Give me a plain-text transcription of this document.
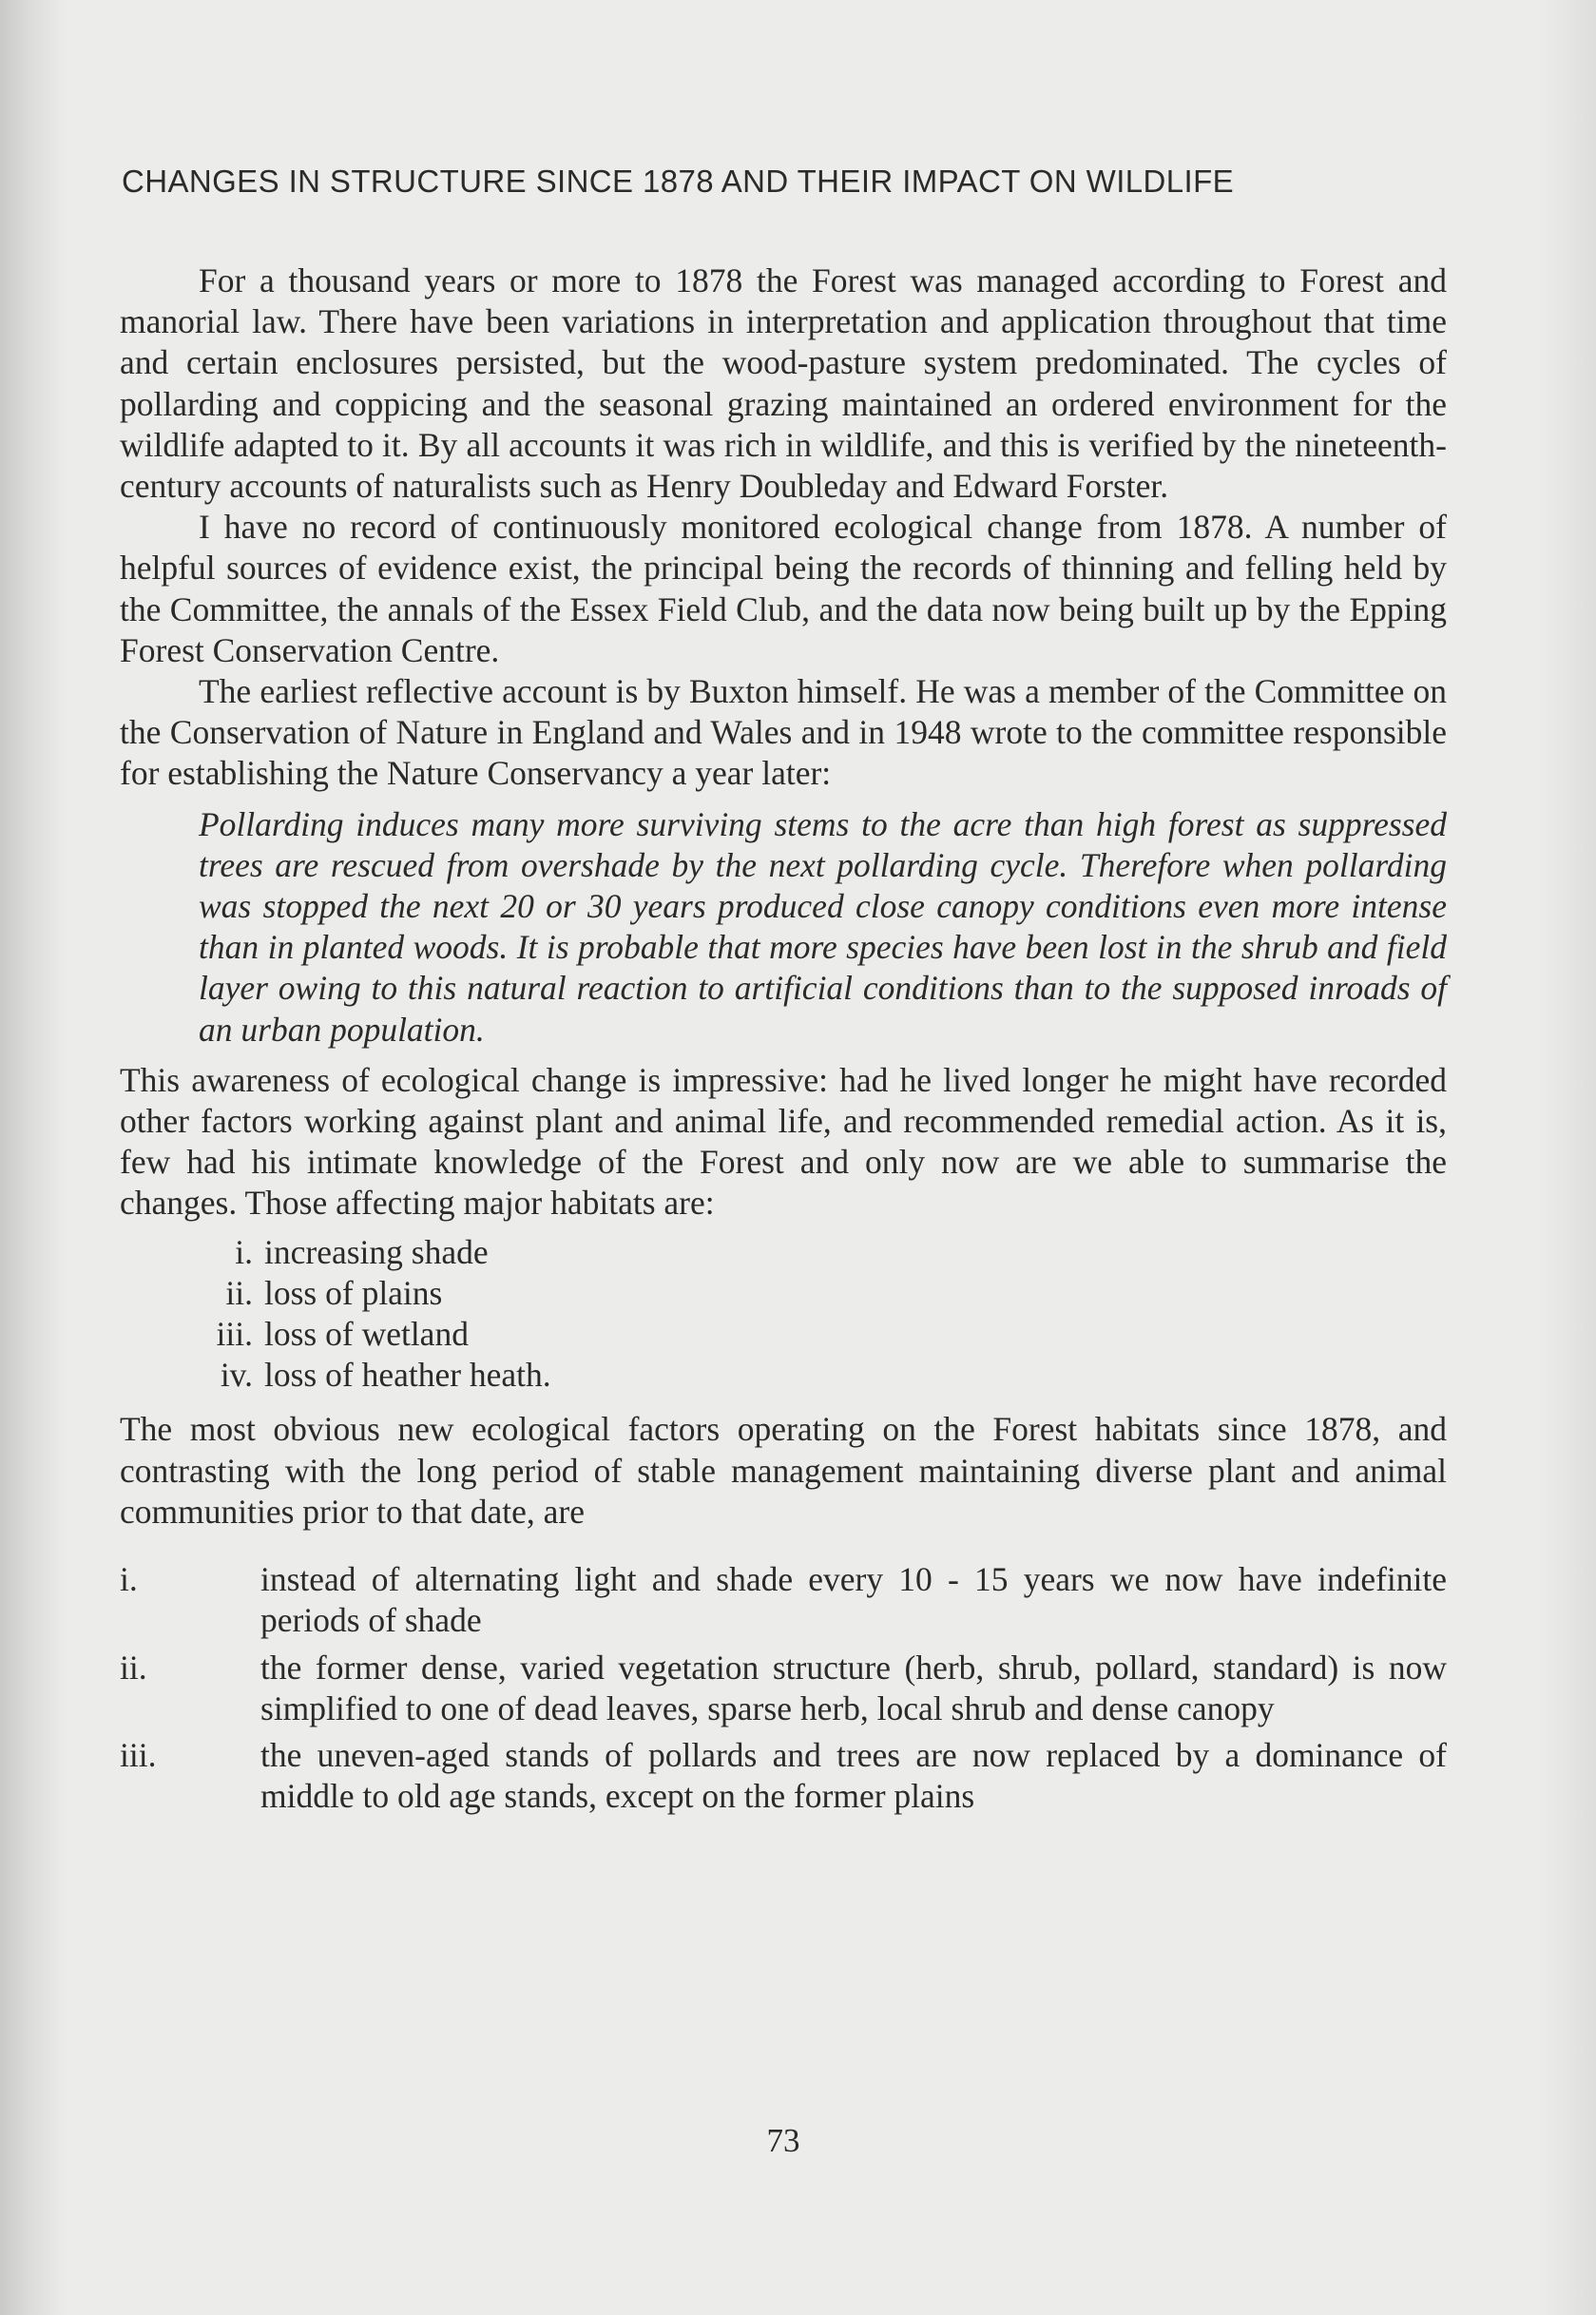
CHANGES IN STRUCTURE SINCE 1878 AND THEIR IMPACT ON WILDLIFE

For a thousand years or more to 1878 the Forest was managed according to Forest and manorial law. There have been variations in interpretation and application throughout that time and certain enclosures persisted, but the wood-pasture system predominated. The cycles of pollarding and coppicing and the seasonal grazing maintained an ordered environment for the wildlife adapted to it. By all accounts it was rich in wildlife, and this is verified by the nineteenth-century accounts of naturalists such as Henry Doubleday and Edward Forster.

I have no record of continuously monitored ecological change from 1878. A number of helpful sources of evidence exist, the principal being the records of thinning and felling held by the Committee, the annals of the Essex Field Club, and the data now being built up by the Epping Forest Conservation Centre.

The earliest reflective account is by Buxton himself. He was a member of the Committee on the Conservation of Nature in England and Wales and in 1948 wrote to the committee responsible for establishing the Nature Conservancy a year later:

Pollarding induces many more surviving stems to the acre than high forest as suppressed trees are rescued from overshade by the next pollarding cycle. Therefore when pollarding was stopped the next 20 or 30 years produced close canopy conditions even more intense than in planted woods. It is probable that more species have been lost in the shrub and field layer owing to this natural reaction to artificial conditions than to the supposed inroads of an urban population.

This awareness of ecological change is impressive: had he lived longer he might have recorded other factors working against plant and animal life, and recommended remedial action. As it is, few had his intimate knowledge of the Forest and only now are we able to summarise the changes. Those affecting major habitats are:

i. increasing shade
ii. loss of plains
iii. loss of wetland
iv. loss of heather heath.

The most obvious new ecological factors operating on the Forest habitats since 1878, and contrasting with the long period of stable management maintaining diverse plant and animal communities prior to that date, are

i.	instead of alternating light and shade every 10 - 15 years we now have indefinite periods of shade
ii.	the former dense, varied vegetation structure (herb, shrub, pollard, standard) is now simplified to one of dead leaves, sparse herb, local shrub and dense canopy
iii.	the uneven-aged stands of pollards and trees are now replaced by a dominance of middle to old age stands, except on the former plains
73
